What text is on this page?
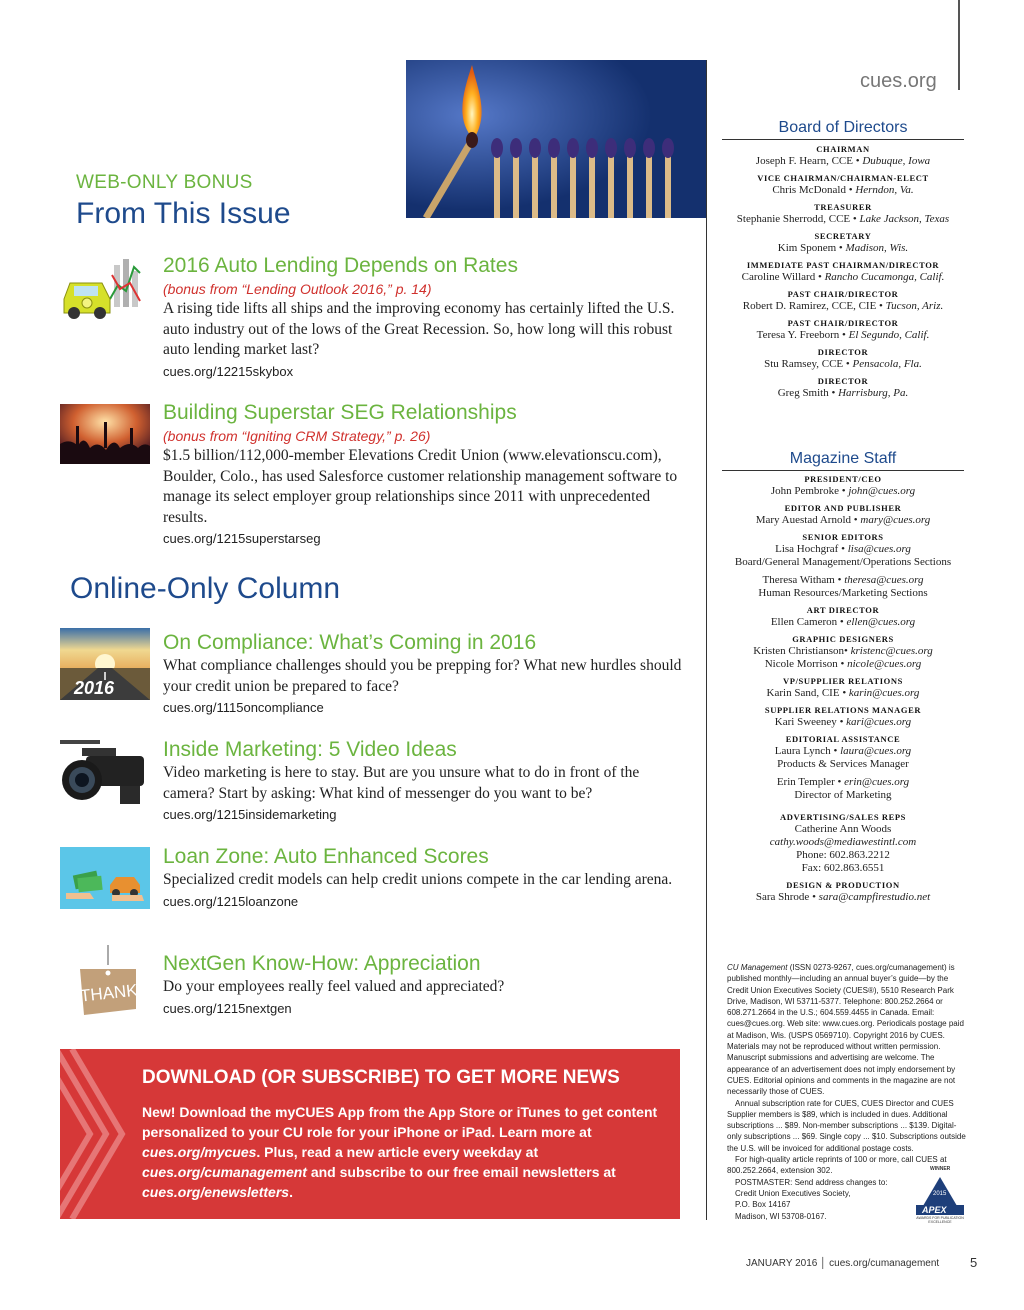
cues.org
WEB-ONLY BONUS
From This Issue
Online-Only Column
2016
THANKS
2016 Auto Lending Depends on Rates
(bonus from “Lending Outlook 2016,” p. 14)
A rising tide lifts all ships and the improving economy has certainly lifted the U.S. auto industry out of the lows of the Great Recession. So, how long will this robust auto lending market last?
cues.org/12215skybox
Building Superstar SEG Relationships
(bonus from “Igniting CRM Strategy,” p. 26)
$1.5 billion/112,000-member Elevations Credit Union (www.elevationscu.com), Boulder, Colo., has used Salesforce customer relationship management software to manage its select employer group relationships since 2011 with unprecedented results.
cues.org/1215superstarseg
On Compliance: What’s Coming in 2016
What compliance challenges should you be prepping for? What new hurdles should your credit union be prepared to face?
cues.org/1115oncompliance
Inside Marketing: 5 Video Ideas
Video marketing is here to stay. But are you unsure what to do in front of the camera? Start by asking: What kind of messenger do you want to be?
cues.org/1215insidemarketing
Loan Zone: Auto Enhanced Scores
Specialized credit models can help credit unions compete in the car lending arena.
cues.org/1215loanzone
NextGen Know-How: Appreciation
Do your employees really feel valued and appreciated?
cues.org/1215nextgen
DOWNLOAD (OR SUBSCRIBE) TO GET MORE NEWS
New! Download the myCUES App from the App Store or iTunes to get content personalized to your CU role for your iPhone or iPad. Learn more at cues.org/mycues. Plus, read a new article every weekday at cues.org/cumanagement and subscribe to our free email newsletters at cues.org/enewsletters.
Board of Directors
CHAIRMAN
Joseph F. Hearn, CCE • Dubuque, Iowa
VICE CHAIRMAN/CHAIRMAN-ELECT
Chris McDonald • Herndon, Va.
TREASURER
Stephanie Sherrodd, CCE • Lake Jackson, Texas
SECRETARY
Kim Sponem • Madison, Wis.
IMMEDIATE PAST CHAIRMAN/DIRECTOR
Caroline Willard • Rancho Cucamonga, Calif.
PAST CHAIR/DIRECTOR
Robert D. Ramirez, CCE, CIE • Tucson, Ariz.
PAST CHAIR/DIRECTOR
Teresa Y. Freeborn • El Segundo, Calif.
DIRECTOR
Stu Ramsey, CCE • Pensacola, Fla.
DIRECTOR
Greg Smith • Harrisburg, Pa.
Magazine Staff
PRESIDENT/CEO
John Pembroke • john@cues.org
EDITOR AND PUBLISHER
Mary Auestad Arnold • mary@cues.org
SENIOR EDITORS
Lisa Hochgraf • lisa@cues.org
Board/General Management/Operations Sections
Theresa Witham • theresa@cues.org
Human Resources/Marketing Sections
ART DIRECTOR
Ellen Cameron • ellen@cues.org
GRAPHIC DESIGNERS
Kristen Christianson• kristenc@cues.org
Nicole Morrison • nicole@cues.org
VP/SUPPLIER RELATIONS
Karin Sand, CIE • karin@cues.org
SUPPLIER RELATIONS MANAGER
Kari Sweeney • kari@cues.org
EDITORIAL ASSISTANCE
Laura Lynch • laura@cues.org
Products & Services Manager
Erin Templer • erin@cues.org
Director of Marketing
ADVERTISING/SALES REPS
Catherine Ann Woods
cathy.woods@mediawestintl.com
Phone: 602.863.2212
Fax: 602.863.6551
DESIGN & PRODUCTION
Sara Shrode • sara@campfirestudio.net
CU Management (ISSN 0273-9267, cues.org/cumanagement) is published monthly—including an annual buyer’s guide—by the Credit Union Executives Society (CUES®), 5510 Research Park Drive, Madison, WI 53711-5377. Telephone: 800.252.2664 or 608.271.2664 in the U.S.; 604.559.4455 in Canada. Email: cues@cues.org. Web site: www.cues.org. Periodicals postage paid at Madison, Wis. (USPS 0569710). Copyright 2016 by CUES. Materials may not be reproduced without written permission. Manuscript submissions and advertising are welcome. The appearance of an advertisement does not imply endorsement by CUES. Editorial opinions and comments in the magazine are not necessarily those of CUES.
Annual subscription rate for CUES, CUES Director and CUES Supplier members is $89, which is included in dues. Additional subscriptions ... $89. Non-member subscriptions ... $139. Digital-only subscriptions ... $69. Single copy ... $10. Subscriptions outside the U.S. will be invoiced for additional postage costs.
For high-quality article reprints of 100 or more, call CUES at 800.252.2664, extension 302.
POSTMASTER: Send address changes to:
Credit Union Executives Society,
P.O. Box 14167
Madison, WI 53708-0167.
WINNER
2015
APEX
AWARDS FOR PUBLICATION EXCELLENCE
JANUARY 2016 │ cues.org/cumanagement 5
